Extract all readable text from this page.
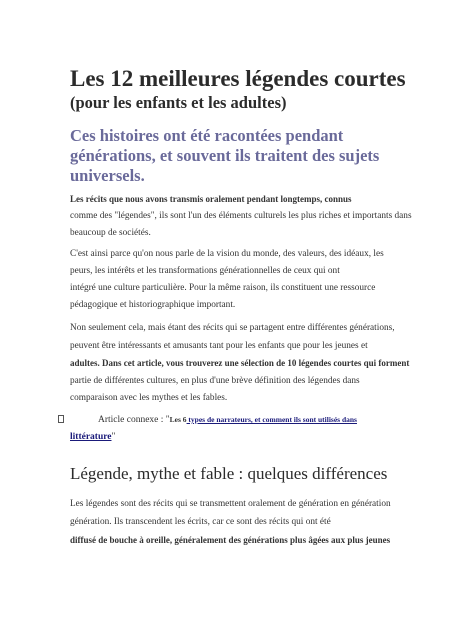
Les 12 meilleures légendes courtes
(pour les enfants et les adultes)
Ces histoires ont été racontées pendant
générations, et souvent ils traitent des sujets
universels.
Les récits que nous avons transmis oralement pendant longtemps, connus
comme des "légendes", ils sont l'un des éléments culturels les plus riches et importants dans
beaucoup de sociétés.
C'est ainsi parce qu'on nous parle de la vision du monde, des valeurs, des idéaux, les
peurs, les intérêts et les transformations générationnelles de ceux qui ont
intégré une culture particulière. Pour la même raison, ils constituent une ressource
pédagogique et historiographique important.
Non seulement cela, mais étant des récits qui se partagent entre différentes générations,
peuvent être intéressants et amusants tant pour les enfants que pour les jeunes et
adultes. Dans cet article, vous trouverez une sélection de 10 légendes courtes qui forment
partie de différentes cultures, en plus d'une brève définition des légendes dans
comparaison avec les mythes et les fables.
Article connexe : "Les 6 types de narrateurs, et comment ils sont utilisés dans
littérature"
Légende, mythe et fable : quelques différences
Les légendes sont des récits qui se transmettent oralement de génération en génération
génération. Ils transcendent les écrits, car ce sont des récits qui ont été
diffusé de bouche à oreille, généralement des générations plus âgées aux plus jeunes
